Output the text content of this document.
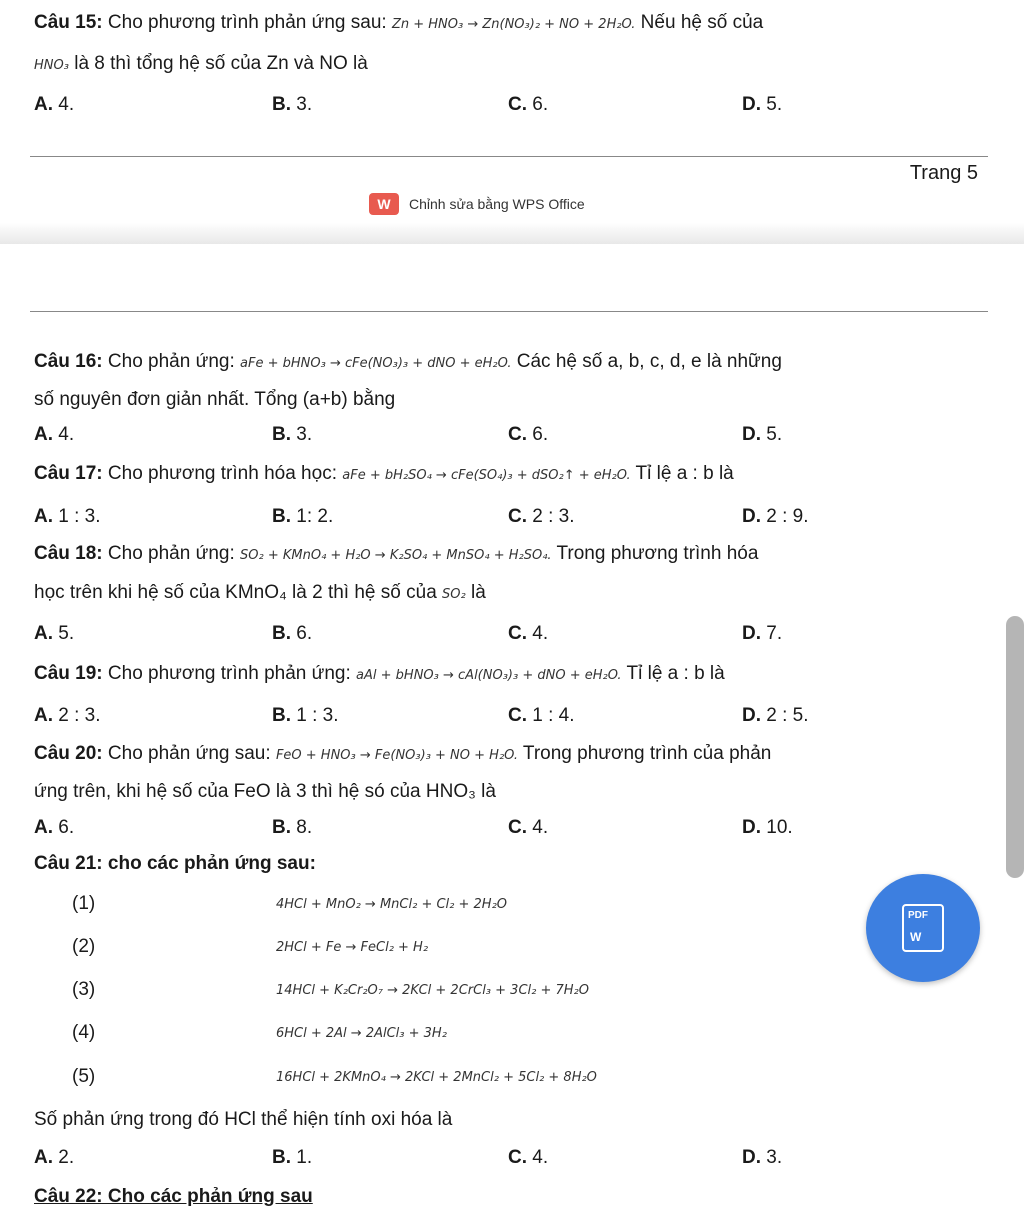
Câu 15: Cho phương trình phản ứng sau: Zn + HNO₃ → Zn(NO₃)₂ + NO + 2H₂O. Nếu hệ số của
HNO₃ là 8 thì tổng hệ số của Zn và NO là
A. 4.	B. 3.	C. 6.	D. 5.
Trang 5
W	Chỉnh sửa bằng WPS Office
Câu 16: Cho phản ứng: aFe + bHNO₃ → cFe(NO₃)₃ + dNO + eH₂O. Các hệ số a, b, c, d, e là những
số nguyên đơn giản nhất. Tổng (a+b) bằng
A. 4.	B. 3.	C. 6.	D. 5.
Câu 17: Cho phương trình hóa học: aFe + bH₂SO₄ → cFe(SO₄)₃ + dSO₂↑ + eH₂O. Tỉ lệ a : b là
A. 1 : 3.	B. 1: 2.	C. 2 : 3.	D. 2 : 9.
Câu 18: Cho phản ứng: SO₂ + KMnO₄ + H₂O → K₂SO₄ + MnSO₄ + H₂SO₄. Trong phương trình hóa
học trên khi hệ số của KMnO₄ là 2 thì hệ số của SO₂ là
A. 5.	B. 6.	C. 4.	D. 7.
Câu 19: Cho phương trình phản ứng: aAl + bHNO₃ → cAl(NO₃)₃ + dNO + eH₂O. Tỉ lệ a : b là
A. 2 : 3.	B. 1 : 3.	C. 1 : 4.	D. 2 : 5.
Câu 20: Cho phản ứng sau: FeO + HNO₃ → Fe(NO₃)₃ + NO + H₂O. Trong phương trình của phản
ứng trên, khi hệ số của FeO là 3 thì hệ só của HNO₃ là
A. 6.	B. 8.	C. 4.	D. 10.
Câu 21: cho các phản ứng sau:
(1)	4HCl + MnO₂ → MnCl₂ + Cl₂ + 2H₂O
(2)	2HCl + Fe → FeCl₂ + H₂
(3)	14HCl + K₂Cr₂O₇ → 2KCl + 2CrCl₃ + 3Cl₂ + 7H₂O
(4)	6HCl + 2Al → 2AlCl₃ + 3H₂
(5)	16HCl + 2KMnO₄ → 2KCl + 2MnCl₂ + 5Cl₂ + 8H₂O
Số phản ứng trong đó HCl thể hiện tính oxi hóa là
A. 2.	B. 1.	C. 4.	D. 3.
Câu 22: Cho các phản ứng sau
PDF
W
